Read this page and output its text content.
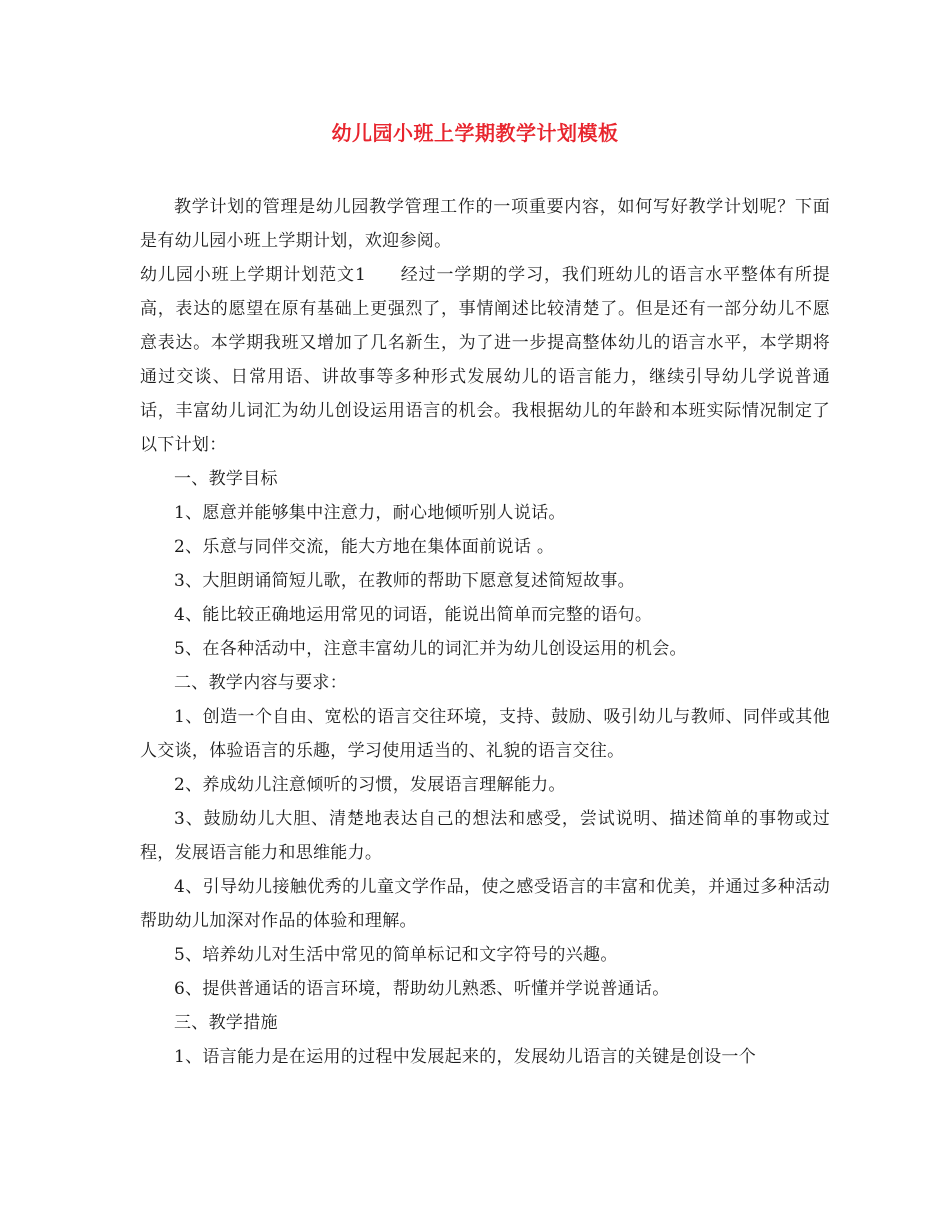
幼儿园小班上学期教学计划模板

教学计划的管理是幼儿园教学管理工作的一项重要内容，如何写好教学计划呢？下面是有幼儿园小班上学期计划，欢迎参阅。

幼儿园小班上学期计划范文1 经过一学期的学习，我们班幼儿的语言水平整体有所提高，表达的愿望在原有基础上更强烈了，事情阐述比较清楚了。但是还有一部分幼儿不愿意表达。本学期我班又增加了几名新生，为了进一步提高整体幼儿的语言水平，本学期将通过交谈、日常用语、讲故事等多种形式发展幼儿的语言能力，继续引导幼儿学说普通话，丰富幼儿词汇为幼儿创设运用语言的机会。我根据幼儿的年龄和本班实际情况制定了以下计划：

一、教学目标

1、愿意并能够集中注意力，耐心地倾听别人说话。

2、乐意与同伴交流，能大方地在集体面前说话 。

3、大胆朗诵简短儿歌，在教师的帮助下愿意复述简短故事。

4、能比较正确地运用常见的词语，能说出简单而完整的语句。

5、在各种活动中，注意丰富幼儿的词汇并为幼儿创设运用的机会。

二、教学内容与要求：

1、创造一个自由、宽松的语言交往环境，支持、鼓励、吸引幼儿与教师、同伴或其他人交谈，体验语言的乐趣，学习使用适当的、礼貌的语言交往。

2、养成幼儿注意倾听的习惯，发展语言理解能力。

3、鼓励幼儿大胆、清楚地表达自己的想法和感受，尝试说明、描述简单的事物或过程，发展语言能力和思维能力。

4、引导幼儿接触优秀的儿童文学作品，使之感受语言的丰富和优美，并通过多种活动帮助幼儿加深对作品的体验和理解。

5、培养幼儿对生活中常见的简单标记和文字符号的兴趣。

6、提供普通话的语言环境，帮助幼儿熟悉、听懂并学说普通话。

三、教学措施

1、语言能力是在运用的过程中发展起来的，发展幼儿语言的关键是创设一个
